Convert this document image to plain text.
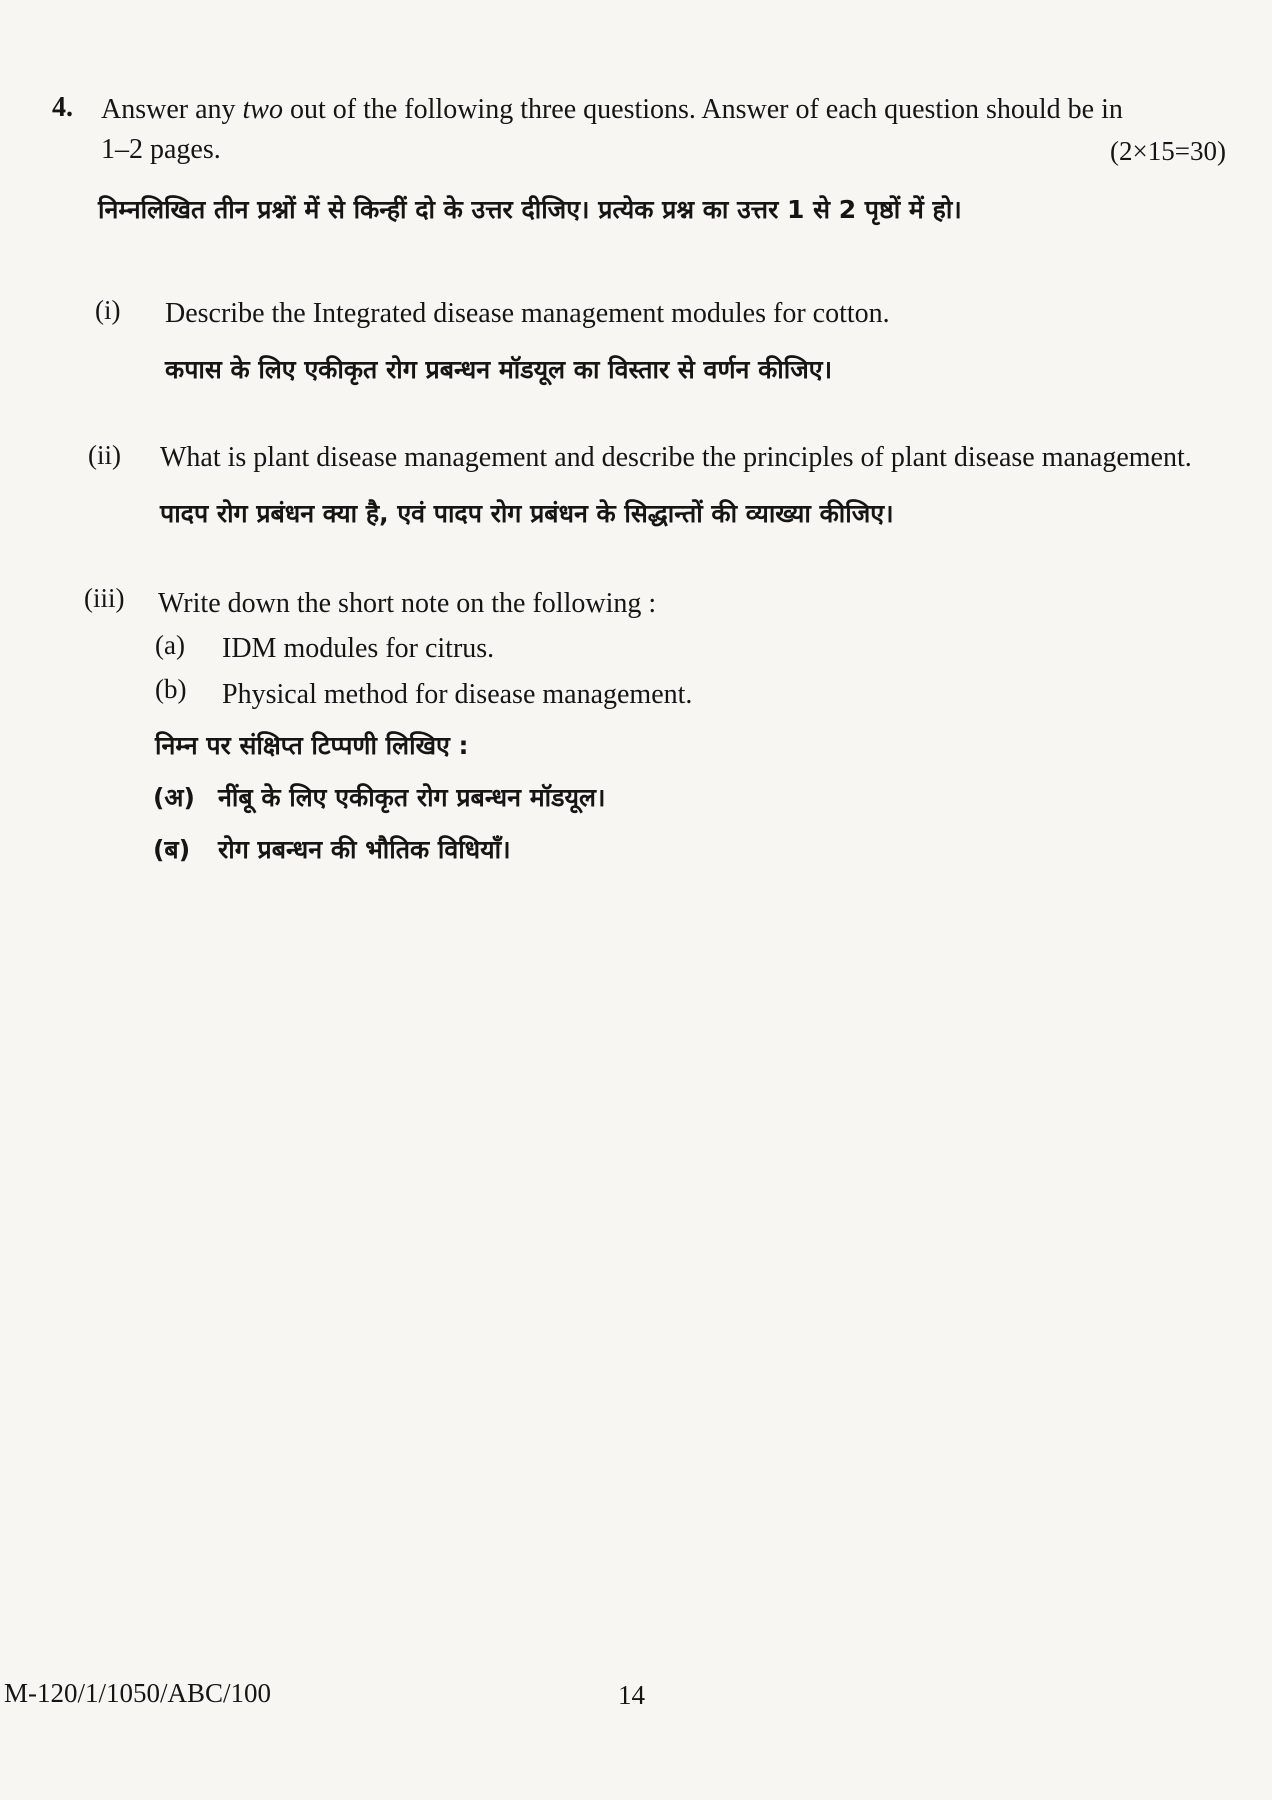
4. Answer any two out of the following three questions. Answer of each question should be in
1–2 pages.	(2×15=30)
निम्नलिखित तीन प्रश्नों में से किन्हीं दो के उत्तर दीजिए। प्रत्येक प्रश्न का उत्तर 1 से 2 पृष्ठों में हो।
(i) Describe the Integrated disease management modules for cotton.
कपास के लिए एकीकृत रोग प्रबन्धन मॉडयूल का विस्तार से वर्णन कीजिए।
(ii) What is plant disease management and describe the principles of plant disease management.
पादप रोग प्रबंधन क्या है, एवं पादप रोग प्रबंधन के सिद्धान्तों की व्याख्या कीजिए।
(iii) Write down the short note on the following :
(a) IDM modules for citrus.
(b) Physical method for disease management.
निम्न पर संक्षिप्त टिप्पणी लिखिए :
(अ) नींबू के लिए एकीकृत रोग प्रबन्धन मॉडयूल।
(ब) रोग प्रबन्धन की भौतिक विधियाँ।
M-120/1/1050/ABC/100	14
